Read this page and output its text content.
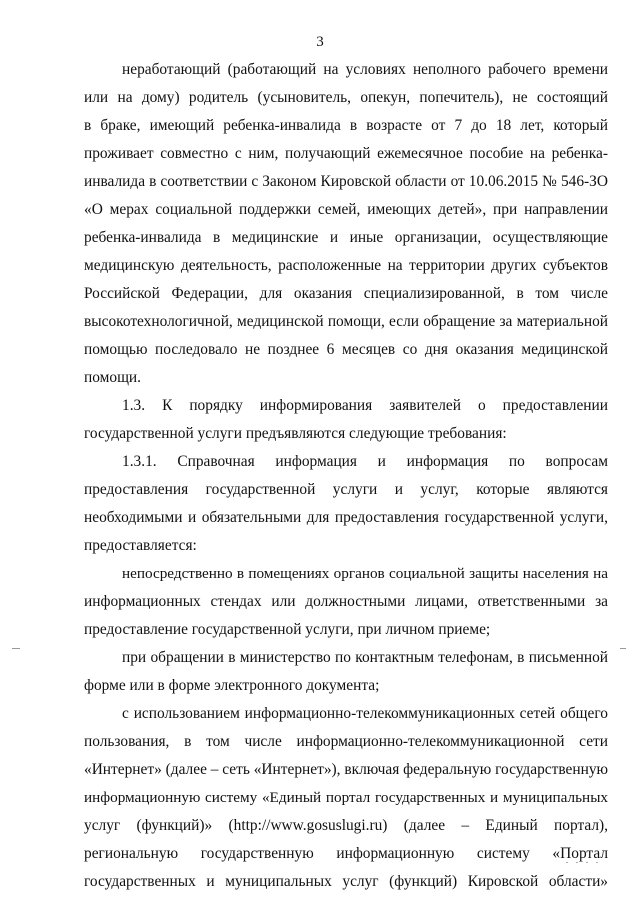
3
неработающий (работающий на условиях неполного рабочего времени
или на дому) родитель (усыновитель, опекун, попечитель), не состоящий
в браке, имеющий ребенка-инвалида в возрасте от 7 до 18 лет, который
проживает совместно с ним, получающий ежемесячное пособие на ребенка-
инвалида в соответствии с Законом Кировской области от 10.06.2015 № 546-ЗО
«О мерах социальной поддержки семей, имеющих детей», при направлении
ребенка-инвалида в медицинские и иные организации, осуществляющие
медицинскую деятельность, расположенные на территории других субъектов
Российской Федерации, для оказания специализированной, в том числе
высокотехнологичной, медицинской помощи, если обращение за материальной
помощью последовало не позднее 6 месяцев со дня оказания медицинской
помощи.
1.3. К порядку информирования заявителей о предоставлении
государственной услуги предъявляются следующие требования:
1.3.1. Справочная информация и информация по вопросам
предоставления государственной услуги и услуг, которые являются
необходимыми и обязательными для предоставления государственной услуги,
предоставляется:
непосредственно в помещениях органов социальной защиты населения на
информационных стендах или должностными лицами, ответственными за
предоставление государственной услуги, при личном приеме;
при обращении в министерство по контактным телефонам, в письменной
форме или в форме электронного документа;
с использованием информационно-телекоммуникационных сетей общего
пользования, в том числе информационно-телекоммуникационной сети
«Интернет» (далее – сеть «Интернет»), включая федеральную государственную
информационную систему «Единый портал государственных и муниципальных
услуг (функций)» (http://www.gosuslugi.ru) (далее – Единый портал),
региональную государственную информационную систему «Портал
государственных и муниципальных услуг (функций) Кировской области»
